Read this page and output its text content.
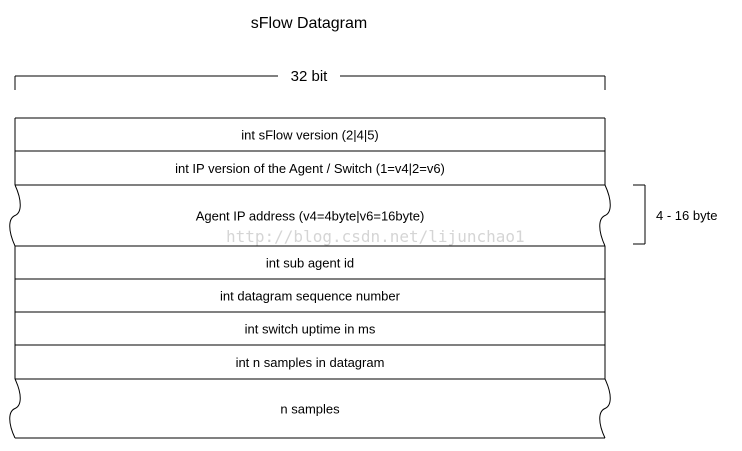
sFlow Datagram
32 bit
int sFlow version (2|4|5)
int IP version of the Agent / Switch (1=v4|2=v6)
Agent IP address (v4=4byte|v6=16byte)
int sub agent id
int datagram sequence number
int switch uptime in ms
int n samples in datagram
n samples
4 - 16 byte
http://blog.csdn.net/lijunchao1
